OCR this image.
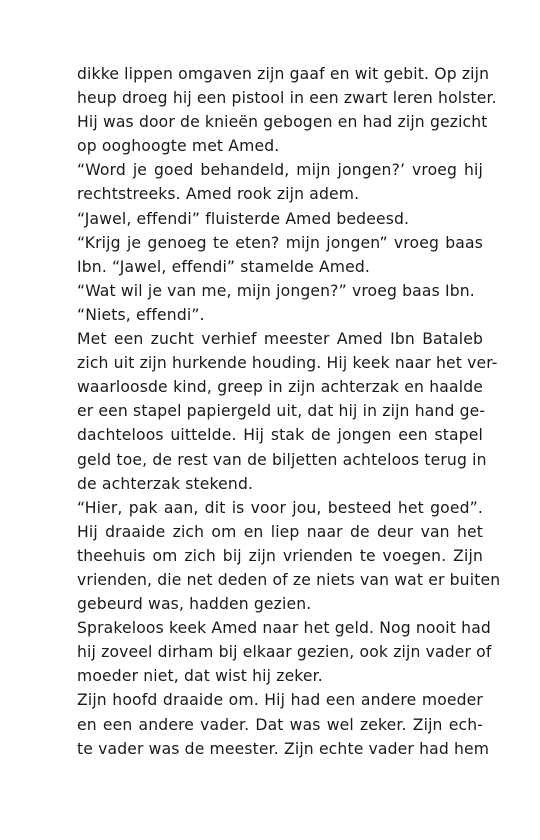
dikke lippen omgaven zijn gaaf en wit gebit. Op zijn
heup droeg hij een pistool in een zwart leren holster.
Hij was door de knieën gebogen en had zijn gezicht
op ooghoogte met Amed.
“Word je goed behandeld, mijn jongen?’ vroeg hij
rechtstreeks. Amed rook zijn adem.
“Jawel, effendi” fluisterde Amed bedeesd.
“Krijg je genoeg te eten? mijn jongen” vroeg baas
Ibn. “Jawel, effendi” stamelde Amed.
“Wat wil je van me, mijn jongen?” vroeg baas Ibn.
“Niets, effendi”.
Met een zucht verhief meester Amed Ibn Bataleb
zich uit zijn hurkende houding. Hij keek naar het ver-
waarloosde kind, greep in zijn achterzak en haalde
er een stapel papiergeld uit, dat hij in zijn hand ge-
dachteloos uittelde. Hij stak de jongen een stapel
geld toe, de rest van de biljetten achteloos terug in
de achterzak stekend.
“Hier, pak aan, dit is voor jou, besteed het goed”.
Hij draaide zich om en liep naar de deur van het
theehuis om zich bij zijn vrienden te voegen. Zijn
vrienden, die net deden of ze niets van wat er buiten
gebeurd was, hadden gezien.
Sprakeloos keek Amed naar het geld. Nog nooit had
hij zoveel dirham bij elkaar gezien, ook zijn vader of
moeder niet, dat wist hij zeker.
Zijn hoofd draaide om. Hij had een andere moeder
en een andere vader. Dat was wel zeker. Zijn ech-
te vader was de meester. Zijn echte vader had hem
